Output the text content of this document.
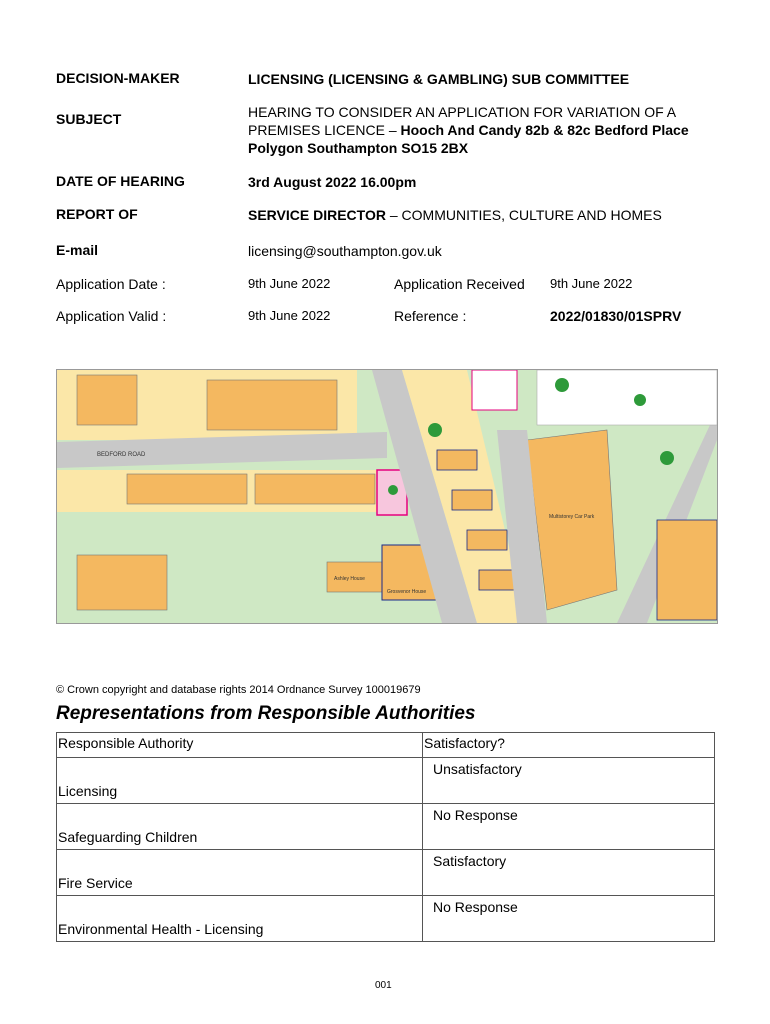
DECISION-MAKER	LICENSING (LICENSING & GAMBLING) SUB COMMITTEE
SUBJECT	HEARING TO CONSIDER AN APPLICATION FOR VARIATION OF A PREMISES LICENCE – Hooch And Candy 82b & 82c Bedford Place Polygon Southampton SO15 2BX
DATE OF HEARING	3rd August 2022 16.00pm
REPORT OF	SERVICE DIRECTOR – COMMUNITIES, CULTURE AND HOMES
E-mail	licensing@southampton.gov.uk
Application Date :	9th June 2022	Application Received 9th June 2022
Application Valid :	9th June 2022	Reference :	2022/01830/01SPRV
BEDFORD ROAD
Ashley House
Grosvenor House
Multistorey Car Park
© Crown copyright and database rights 2014 Ordnance Survey 100019679
Representations from Responsible Authorities
Responsible Authority	Satisfactory?

Licensing	Unsatisfactory

Safeguarding Children	No Response

Fire Service	Satisfactory

Environmental Health - Licensing	No Response
001
